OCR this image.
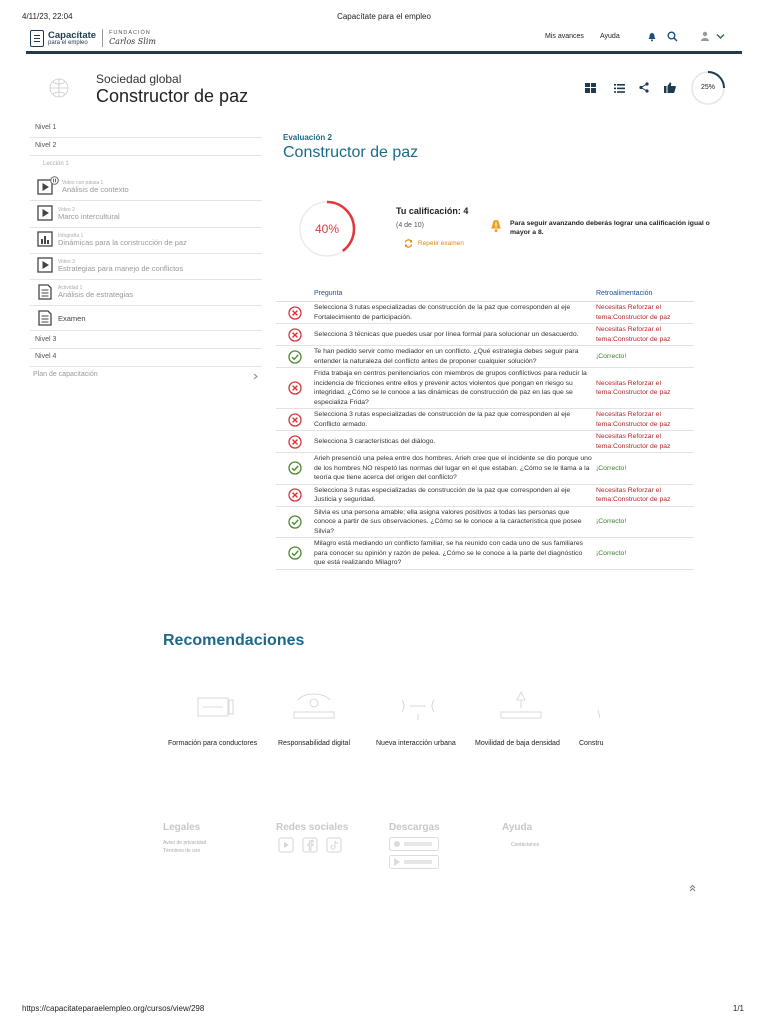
4/11/23, 22:04	Capacítate para el empleo
Capacítate
para el empleo
FUNDACIÓN
Carlos Slim
Mis avances Ayuda
Sociedad global
Constructor de paz	25%
Nivel 1
Nivel 2
Lección 1
Video con pausa 1
Análisis de contexto
Video 2
Marco intercultural
Infografía 1
Dinámicas para la construcción de paz
Video 3
Estrategias para manejo de conflictos
Actividad 1
Análisis de estrategias
Examen
Nivel 3
Nivel 4
Plan de capacitación
Evaluación 2
Constructor de paz
40%
Tu calificación: 4
(4 de 10)
Repetir examen
Para seguir avanzando deberás lograr una calificación igual o mayor a 8.
	Pregunta	Retroalimentación
	Selecciona 3 rutas especializadas de construcción de la paz que corresponden al eje Fortalecimiento de participación.	Necesitas Reforzar el tema:Constructor de paz
	Selecciona 3 técnicas que puedes usar por línea formal para solucionar un desacuerdo.	Necesitas Reforzar el tema:Constructor de paz
	Te han pedido servir como mediador en un conflicto. ¿Qué estrategia debes seguir para entender la naturaleza del conflicto antes de proponer cualquier solución?	¡Correcto!
	Frida trabaja en centros penitenciarios con miembros de grupos conflictivos para reducir la incidencia de fricciones entre ellos y prevenir actos violentos que pongan en riesgo su integridad. ¿Cómo se le conoce a las dinámicas de construcción de paz en las que se especializa Frida?	Necesitas Reforzar el tema:Constructor de paz
	Selecciona 3 rutas especializadas de construcción de la paz que corresponden al eje Conflicto armado.	Necesitas Reforzar el tema:Constructor de paz
	Selecciona 3 características del diálogo.	Necesitas Reforzar el tema:Constructor de paz
	Arieh presenció una pelea entre dos hombres. Arieh cree que el incidente se dio porque uno de los hombres NO respetó las normas del lugar en el que estaban. ¿Cómo se le llama a la teoría que tiene acerca del origen del conflicto?	¡Correcto!
	Selecciona 3 rutas especializadas de construcción de la paz que corresponden al eje Justicia y seguridad.	Necesitas Reforzar el tema:Constructor de paz
	Silvia es una persona amable; ella asigna valores positivos a todas las personas que conoce a partir de sus observaciones. ¿Cómo se le conoce a la característica que posee Silvia?	¡Correcto!
	Milagro está mediando un conflicto familiar, se ha reunido con cada uno de sus familiares para conocer su opinión y razón de pelea. ¿Cómo se le conoce a la parte del diagnóstico que está realizando Milagro?	¡Correcto!
Recomendaciones
Formación para conductores	Responsabilidad digital	Nueva interacción urbana	Movilidad de baja densidad	Constru
Legales
Aviso de privacidad
Términos de uso
Redes sociales	Descargas	Ayuda
Contáctanos
https://capacitateparaelempleo.org/cursos/view/298	1/1
